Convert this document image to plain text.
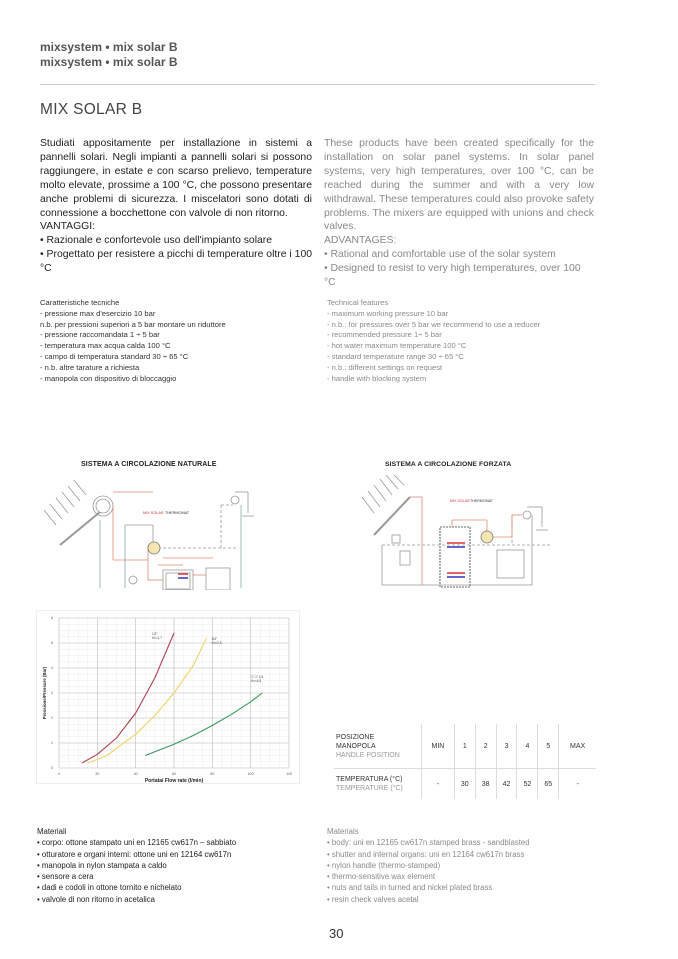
mixsystem • mix solar B
mixsystem • mix solar B
MIX SOLAR B
Studiati appositamente per installazione in sistemi a pannelli solari. Negli impianti a pannelli solari si possono raggiungere, in estate e con scarso prelievo, temperature molto elevate, prossime a 100 °C, che possono presentare anche problemi di sicurezza. I miscelatori sono dotati di connessione a bocchettone con valvole di non ritorno.
VANTAGGI:
• Razionale e confortevole uso dell'impianto solare
• Progettato per resistere a picchi di temperature oltre i 100 °C
These products have been created specifically for the installation on solar panel systems. In solar panel systems, very high temperatures, over 100 °C, can be reached during the summer and with a very low withdrawal. These temperatures could also provoke safety problems. The mixers are equipped with unions and check valves.
ADVANTAGES:
• Rational and comfortable use of the solar system
• Designed to resist to very high temperatures, over 100 °C
Caratteristiche tecniche
- pressione max d'esercizio 10 bar
n.b. per pressioni superiori a 5 bar montare un riduttore
- pressione raccomandata 1 ÷ 5 bar
- temperatura max acqua calda 100 °C
- campo di temperatura standard 30 ÷ 65 °C
- n.b. altre tarature a richiesta
- manopola con dispositivo di bloccaggio
Technical features
- maximum working pressure 10 bar
- n.b.: for pressures over 5 bar we recommend to use a reducer
- recommended pressure 1÷ 5 bar
- hot water maximum temperature 100 °C
- standard temperature range 30 ÷ 65 °C
- n.b.: different settings on request
- handle with blocking system
SISTEMA A CIRCOLAZIONE NATURALE
MIX SOLAR THERMOMAT
SISTEMA A CIRCOLAZIONE FORZATA
MIX SOLAR THERMOMAT
0	20	40	60	80	100	120
0
1
2
3
4
5
6
Portata/ Flow rate (l/min)
Pressione/Pressure (Bar)
1/2"
Kv=1,7	3/4"
Kv=2,5
1"-1" 1/4
Kv=4,5
POSIZIONE
MANOPOLA
HANDLE POSITION	MIN	1	2	3	4	5	MAX

TEMPERATURA (°C)
TEMPERATURE (°C)	-	30	38	42	52	65	-
Materiali
• corpo: ottone stampato uni en 12165 cw617n – sabbiato
• otturatore e organi interni: ottone uni en 12164 cw617n
• manopola in nylon stampata a caldo
• sensore a cera
• dadi e codoli in ottone tornito e nichelato
• valvole di non ritorno in acetalica
Materials
• body: uni en 12165 cw617n stamped brass - sandblasted
• shutter and internal organs: uni en 12164 cw617n brass
• nylon handle (thermo-stamped)
• thermo-sensitive wax element
• nuts and tails in turned and nickel plated brass
• resin check valves acetal
30
